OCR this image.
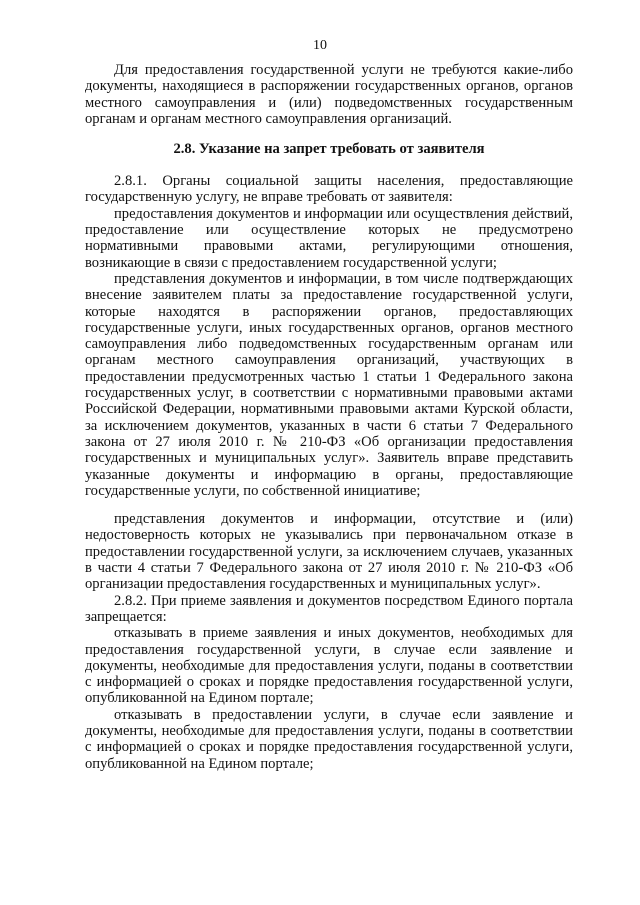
10

Для предоставления государственной услуги не требуются какие-либо документы, находящиеся в распоряжении государственных органов, органов местного самоуправления и (или) подведомственных государственным органам и органам местного самоуправления организаций.

2.8. Указание на запрет требовать от заявителя

2.8.1. Органы социальной защиты населения, предоставляющие государственную услугу, не вправе требовать от заявителя:

предоставления документов и информации или осуществления действий, предоставление или осуществление которых не предусмотрено нормативными правовыми актами, регулирующими отношения, возникающие в связи с предоставлением государственной услуги;

представления документов и информации, в том числе подтверждающих внесение заявителем платы за предоставление государственной услуги, которые находятся в распоряжении органов, предоставляющих государственные услуги, иных государственных органов, органов местного самоуправления либо подведомственных государственным органам или органам местного самоуправления организаций, участвующих в предоставлении предусмотренных частью 1 статьи 1 Федерального закона государственных услуг, в соответствии с нормативными правовыми актами Российской Федерации, нормативными правовыми актами Курской области, за исключением документов, указанных в части 6 статьи 7 Федерального закона от 27 июля 2010 г. № 210-ФЗ «Об организации предоставления государственных и муниципальных услуг». Заявитель вправе представить указанные документы и информацию в органы, предоставляющие государственные услуги, по собственной инициативе;

представления документов и информации, отсутствие и (или) недостоверность которых не указывались при первоначальном отказе в предоставлении государственной услуги, за исключением случаев, указанных в части 4 статьи 7 Федерального закона от 27 июля 2010 г. № 210-ФЗ «Об организации предоставления государственных и муниципальных услуг».

2.8.2. При приеме заявления и документов посредством Единого портала запрещается:

отказывать в приеме заявления и иных документов, необходимых для предоставления государственной услуги, в случае если заявление и документы, необходимые для предоставления услуги, поданы в соответствии с информацией о сроках и порядке предоставления государственной услуги, опубликованной на Едином портале;

отказывать в предоставлении услуги, в случае если заявление и документы, необходимые для предоставления услуги, поданы в соответствии с информацией о сроках и порядке предоставления государственной услуги, опубликованной на Едином портале;
